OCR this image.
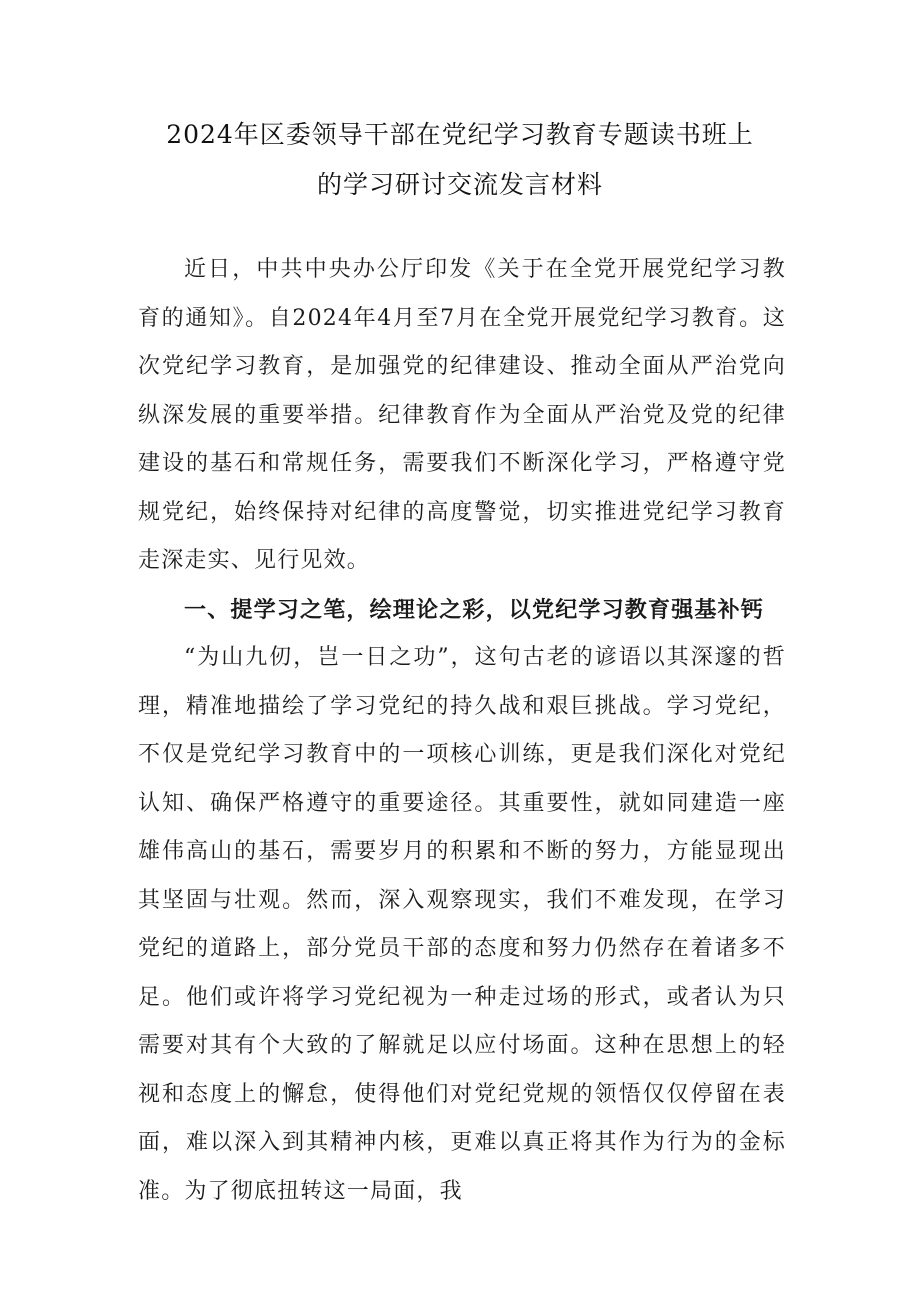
2024年区委领导干部在党纪学习教育专题读书班上
的学习研讨交流发言材料

近日，中共中央办公厅印发《关于在全党开展党纪学习教育的通知》。自2024年4月至7月在全党开展党纪学习教育。这次党纪学习教育，是加强党的纪律建设、推动全面从严治党向纵深发展的重要举措。纪律教育作为全面从严治党及党的纪律建设的基石和常规任务，需要我们不断深化学习，严格遵守党规党纪，始终保持对纪律的高度警觉，切实推进党纪学习教育走深走实、见行见效。

一、提学习之笔，绘理论之彩，以党纪学习教育强基补钙

“为山九仞，岂一日之功”，这句古老的谚语以其深邃的哲理，精准地描绘了学习党纪的持久战和艰巨挑战。学习党纪，不仅是党纪学习教育中的一项核心训练，更是我们深化对党纪认知、确保严格遵守的重要途径。其重要性，就如同建造一座雄伟高山的基石，需要岁月的积累和不断的努力，方能显现出其坚固与壮观。然而，深入观察现实，我们不难发现，在学习党纪的道路上，部分党员干部的态度和努力仍然存在着诸多不足。他们或许将学习党纪视为一种走过场的形式，或者认为只需要对其有个大致的了解就足以应付场面。这种在思想上的轻视和态度上的懈怠，使得他们对党纪党规的领悟仅仅停留在表面，难以深入到其精神内核，更难以真正将其作为行为的金标准。为了彻底扭转这一局面，我
